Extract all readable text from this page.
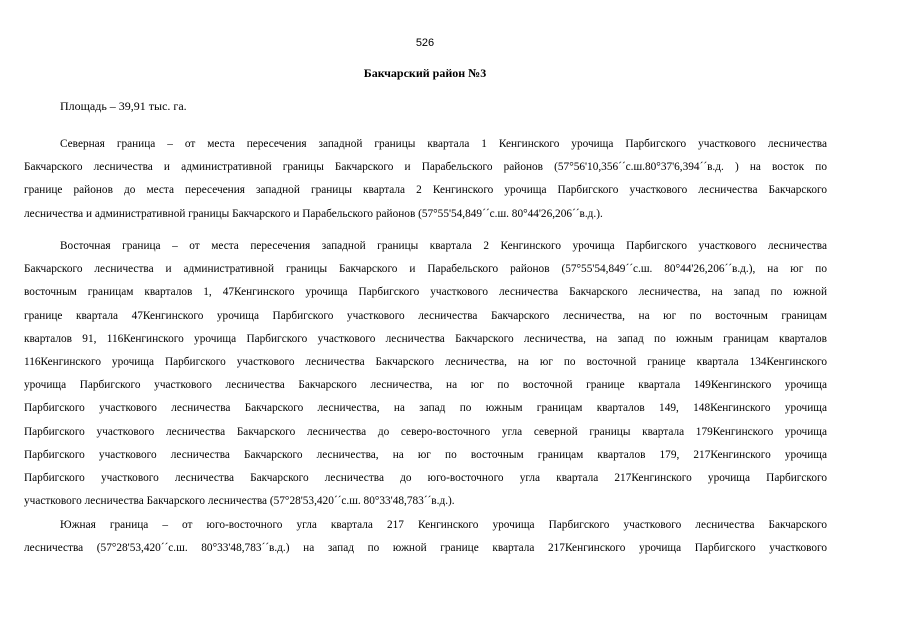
526
Бакчарский район №3
Площадь – 39,91 тыс. га.
Северная граница – от места пересечения западной границы квартала 1 Кенгинского урочища Парбигского участкового лесничества
Бакчарского лесничества и административной границы Бакчарского и Парабельского районов (57°56'10,356´´с.ш.80°37'6,394´´в.д. ) на восток по
границе районов до места пересечения западной границы квартала 2 Кенгинского урочища Парбигского участкового лесничества Бакчарского
лесничества и административной границы Бакчарского и Парабельского районов (57°55'54,849´´с.ш. 80°44'26,206´´в.д.).
Восточная граница – от места пересечения западной границы квартала 2 Кенгинского урочища Парбигского участкового лесничества
Бакчарского лесничества и административной границы Бакчарского и Парабельского районов (57°55'54,849´´с.ш. 80°44'26,206´´в.д.), на юг по
восточным границам кварталов 1, 47Кенгинского урочища Парбигского участкового лесничества Бакчарского лесничества, на запад по южной
границе квартала 47Кенгинского урочища Парбигского участкового лесничества Бакчарского лесничества, на юг по восточным границам
кварталов 91, 116Кенгинского урочища Парбигского участкового лесничества Бакчарского лесничества, на запад по южным границам кварталов
116Кенгинского урочища Парбигского участкового лесничества Бакчарского лесничества, на юг по восточной границе квартала 134Кенгинского
урочища Парбигского участкового лесничества Бакчарского лесничества, на юг по восточной границе квартала 149Кенгинского урочища
Парбигского участкового лесничества Бакчарского лесничества, на запад по южным границам кварталов 149, 148Кенгинского урочища
Парбигского участкового лесничества Бакчарского лесничества до северо-восточного угла северной границы квартала 179Кенгинского урочища
Парбигского участкового лесничества Бакчарского лесничества, на юг по восточным границам кварталов 179, 217Кенгинского урочища
Парбигского участкового лесничества Бакчарского лесничества до юго-восточного угла квартала 217Кенгинского урочища Парбигского
участкового лесничества Бакчарского лесничества (57°28'53,420´´с.ш. 80°33'48,783´´в.д.).
Южная граница – от юго-восточного угла квартала 217 Кенгинского урочища Парбигского участкового лесничества Бакчарского
лесничества (57°28'53,420´´с.ш. 80°33'48,783´´в.д.) на запад по южной границе квартала 217Кенгинского урочища Парбигского участкового
